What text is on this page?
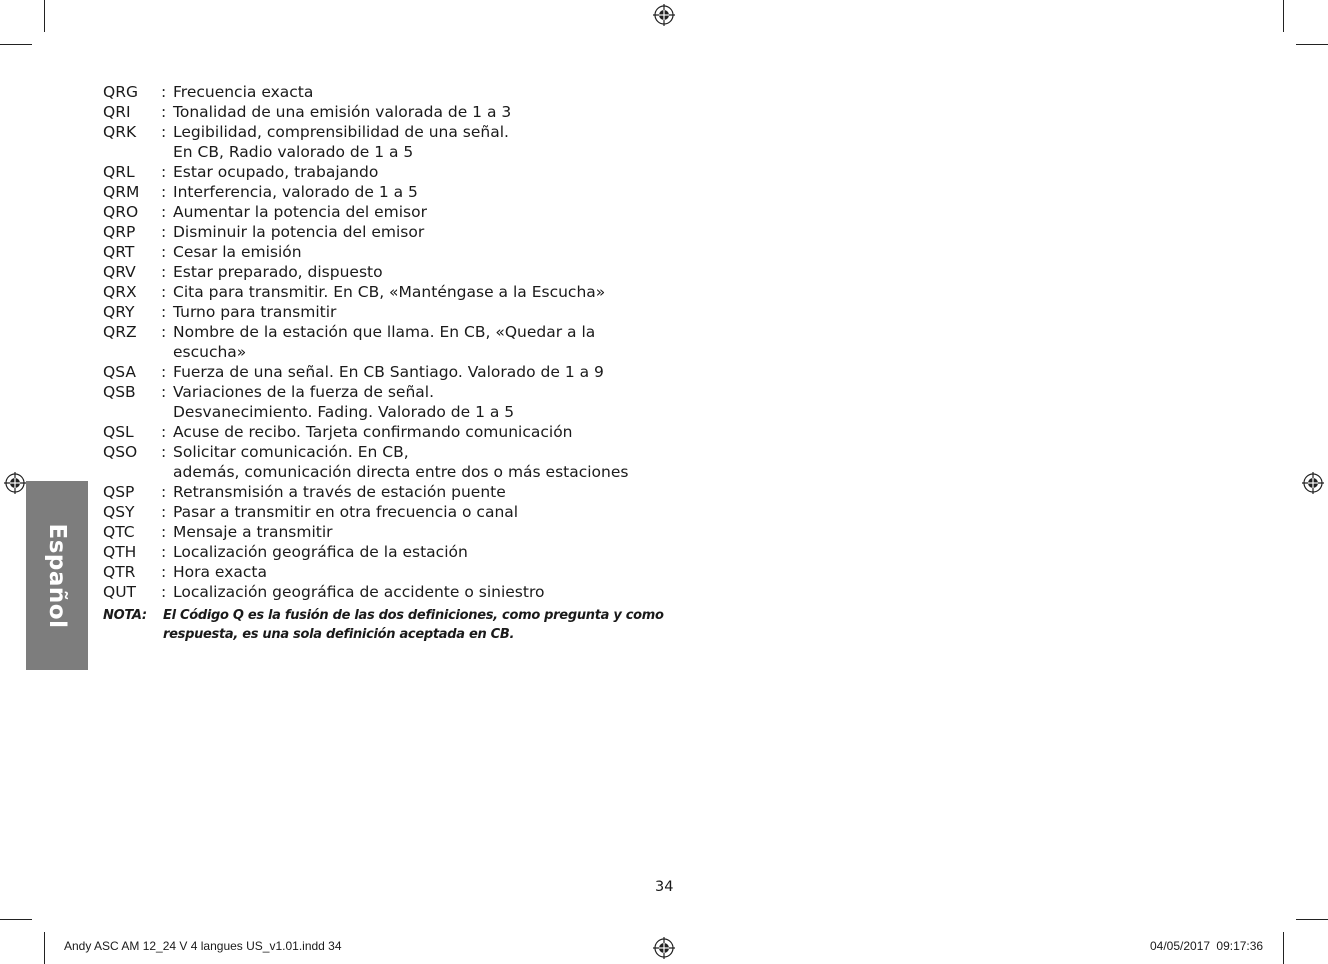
Español
QRG	: Frecuencia exacta
QRI	: Tonalidad de una emisión valorada de 1 a 3
QRK	: Legibilidad, comprensibilidad de una señal.
En CB, Radio valorado de 1 a 5
QRL	: Estar ocupado, trabajando
QRM	: Interferencia, valorado de 1 a 5
QRO	: Aumentar la potencia del emisor
QRP	: Disminuir la potencia del emisor
QRT	: Cesar la emisión
QRV	: Estar preparado, dispuesto
QRX	: Cita para transmitir. En CB, «Manténgase a la Escucha»
QRY	: Turno para transmitir
QRZ	: Nombre de la estación que llama. En CB, «Quedar a la
escucha»
QSA	: Fuerza de una señal. En CB Santiago. Valorado de 1 a 9
QSB	: Variaciones de la fuerza de señal.
Desvanecimiento. Fading. Valorado de 1 a 5
QSL	: Acuse de recibo. Tarjeta confirmando comunicación
QSO	: Solicitar comunicación. En CB,
además, comunicación directa entre dos o más estaciones
QSP	: Retransmisión a través de estación puente
QSY	: Pasar a transmitir en otra frecuencia o canal
QTC	: Mensaje a transmitir
QTH	: Localización geográfica de la estación
QTR	: Hora exacta
QUT	: Localización geográfica de accidente o siniestro
NOTA:	El Código Q es la fusión de las dos definiciones, como pregunta y como respuesta, es una sola definición aceptada en CB.
34
Andy ASC AM 12_24 V 4 langues US_v1.01.indd 34	04/05/2017 09:17:36
